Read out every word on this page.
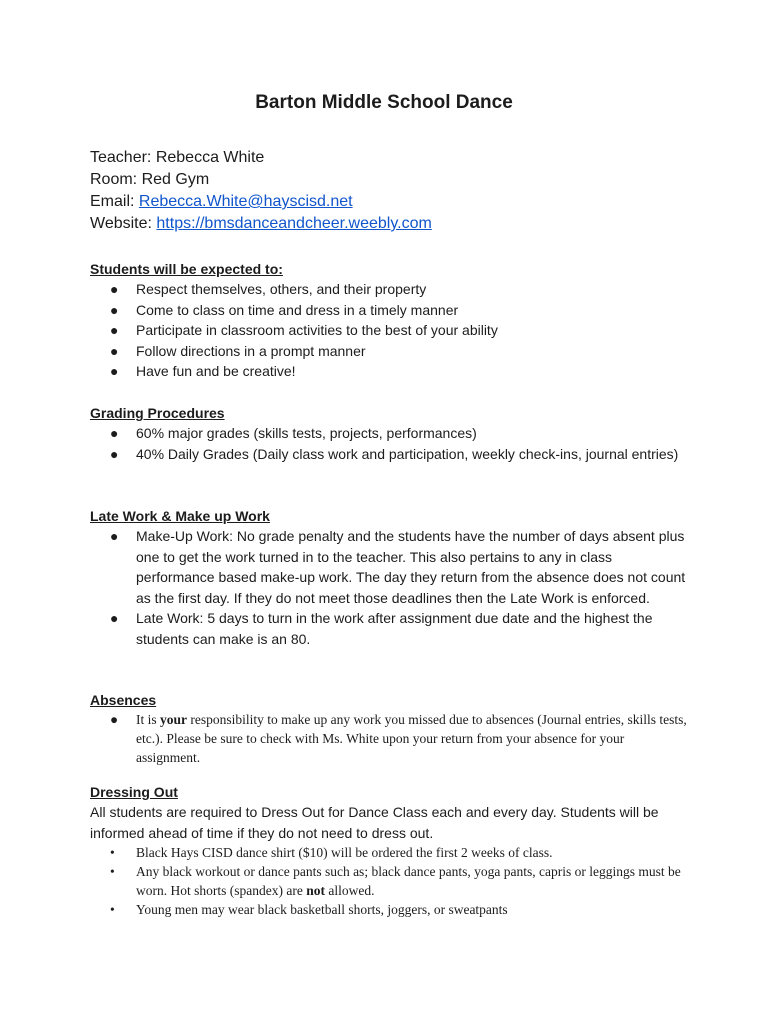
Barton Middle School Dance
Teacher: Rebecca White
Room: Red Gym
Email: Rebecca.White@hayscisd.net
Website: https://bmsdanceandcheer.weebly.com

Students will be expected to:

● Respect themselves, others, and their property
● Come to class on time and dress in a timely manner
● Participate in classroom activities to the best of your ability
● Follow directions in a prompt manner
● Have fun and be creative!

Grading Procedures

● 60% major grades (skills tests, projects, performances)
● 40% Daily Grades (Daily class work and participation, weekly check-ins, journal entries)

Late Work & Make up Work

● Make-Up Work: No grade penalty and the students have the number of days absent plus one to get the work turned in to the teacher. This also pertains to any in class performance based make-up work. The day they return from the absence does not count as the first day. If they do not meet those deadlines then the Late Work is enforced.
● Late Work: 5 days to turn in the work after assignment due date and the highest the students can make is an 80.

Absences

● It is your responsibility to make up any work you missed due to absences (Journal entries, skills tests, etc.). Please be sure to check with Ms. White upon your return from your absence for your assignment.

Dressing Out

All students are required to Dress Out for Dance Class each and every day. Students will be informed ahead of time if they do not need to dress out.

• Black Hays CISD dance shirt ($10) will be ordered the first 2 weeks of class.
• Any black workout or dance pants such as; black dance pants, yoga pants, capris or leggings must be worn. Hot shorts (spandex) are not allowed.
• Young men may wear black basketball shorts, joggers, or sweatpants
